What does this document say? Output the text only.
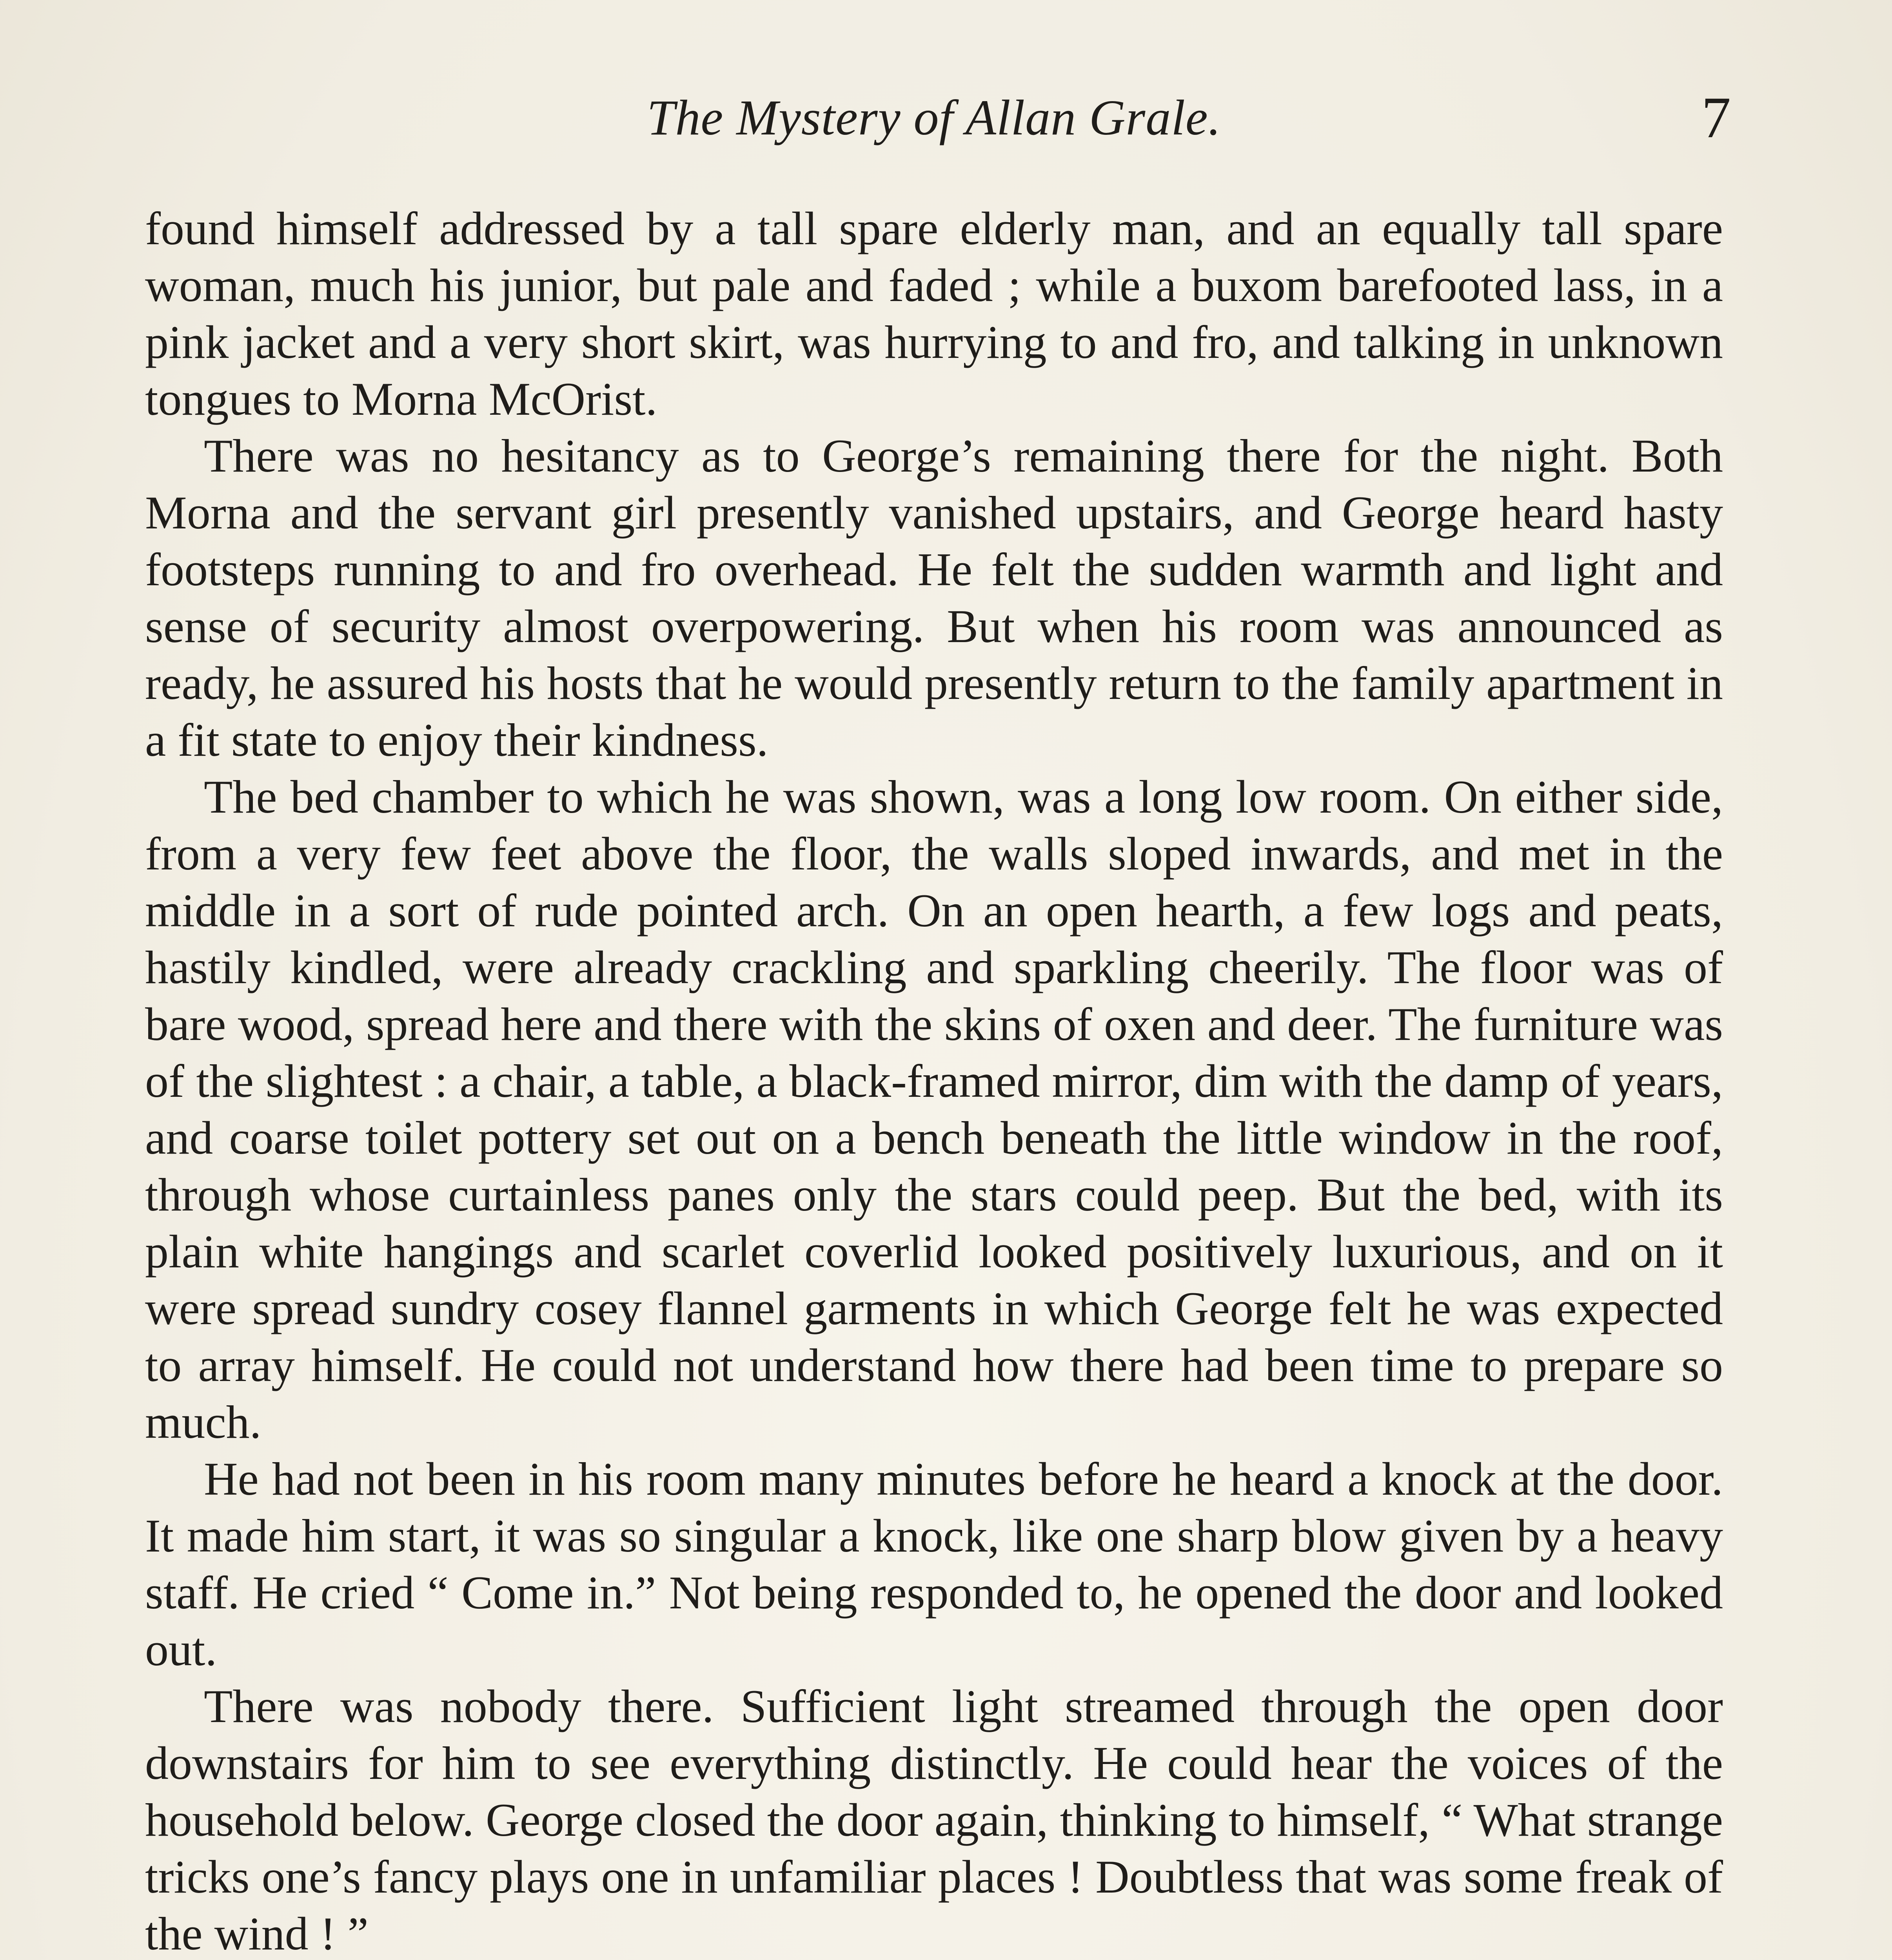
The Mystery of Allan Grale.	7

found himself addressed by a tall spare elderly man, and an equally tall spare woman, much his junior, but pale and faded ; while a buxom barefooted lass, in a pink jacket and a very short skirt, was hurrying to and fro, and talking in unknown tongues to Morna McOrist.

There was no hesitancy as to George’s remaining there for the night. Both Morna and the servant girl presently vanished upstairs, and George heard hasty footsteps running to and fro overhead. He felt the sudden warmth and light and sense of security almost overpowering. But when his room was announced as ready, he assured his hosts that he would presently return to the family apartment in a fit state to enjoy their kindness.

The bed chamber to which he was shown, was a long low room. On either side, from a very few feet above the floor, the walls sloped inwards, and met in the middle in a sort of rude pointed arch. On an open hearth, a few logs and peats, hastily kindled, were already crackling and sparkling cheerily. The floor was of bare wood, spread here and there with the skins of oxen and deer. The furniture was of the slightest : a chair, a table, a black-framed mirror, dim with the damp of years, and coarse toilet pottery set out on a bench beneath the little window in the roof, through whose curtainless panes only the stars could peep. But the bed, with its plain white hangings and scarlet coverlid looked positively luxurious, and on it were spread sundry cosey flannel garments in which George felt he was expected to array himself. He could not understand how there had been time to prepare so much.

He had not been in his room many minutes before he heard a knock at the door. It made him start, it was so singular a knock, like one sharp blow given by a heavy staff. He cried “ Come in.” Not being responded to, he opened the door and looked out.

There was nobody there. Sufficient light streamed through the open door downstairs for him to see everything distinctly. He could hear the voices of the household below. George closed the door again, thinking to himself, “ What strange tricks one’s fancy plays one in unfamiliar places ! Doubtless that was some freak of the wind ! ”
